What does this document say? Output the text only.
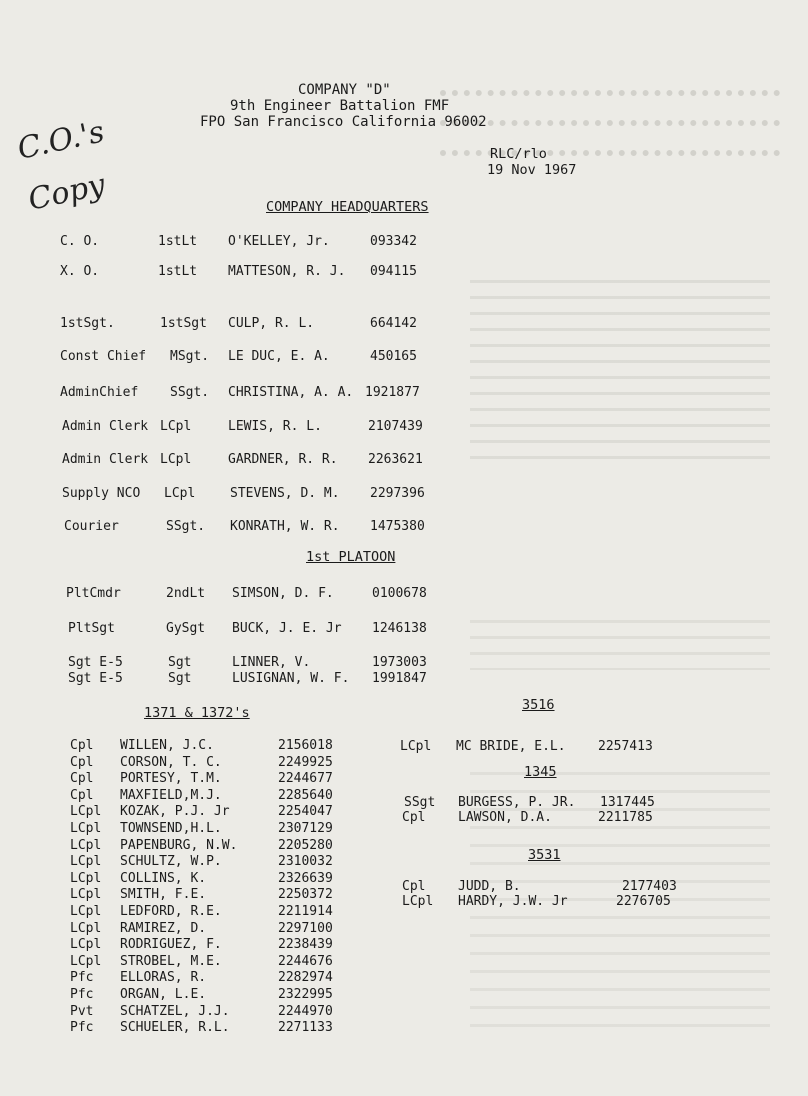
C.O.'s Copy
COMPANY "D"
9th Engineer Battalion FMF
FPO San Francisco California 96002
RLC/rlo
19 Nov 1967
COMPANY HEADQUARTERS
C. O.	1stLt O'KELLEY, Jr.	093342
X. O.	1stLt MATTESON, R. J. 094115
1stSgt.	1stSgt CULP, R. L.	664142
Const Chief MSgt. LE DUC, E. A.	450165
AdminChief SSgt. CHRISTINA, A. A. 1921877
Admin Clerk LCpl	LEWIS, R. L.	2107439
Admin Clerk LCpl	GARDNER, R. R. 2263621
Supply NCO LCpl	STEVENS, D. M. 2297396
Courier	SSgt. KONRATH, W. R. 1475380
1st PLATOON
PltCmdr	2ndLt SIMSON, D. F.	0100678
PltSgt	GySgt BUCK, J. E. Jr 1246138
Sgt E-5	Sgt	LINNER, V.	1973003
Sgt E-5	Sgt	LUSIGNAN, W. F. 1991847
1371 & 1372's
Cpl WILLEN, J.C.	2156018
Cpl CORSON, T. C.	2249925
Cpl PORTESY, T.M.	2244677
Cpl MAXFIELD,M.J.	2285640
LCpl KOZAK, P.J. Jr	2254047
LCpl TOWNSEND,H.L.	2307129
LCpl PAPENBURG, N.W.	2205280
LCpl SCHULTZ, W.P.	2310032
LCpl COLLINS, K.	2326639
LCpl SMITH, F.E.	2250372
LCpl LEDFORD, R.E.	2211914
LCpl RAMIREZ, D.	2297100
LCpl RODRIGUEZ, F.	2238439
LCpl STROBEL, M.E.	2244676
Pfc ELLORAS, R.	2282974
Pfc ORGAN, L.E.	2322995
Pvt SCHATZEL, J.J.	2244970
Pfc SCHUELER, R.L.	2271133
3516
LCpl MC BRIDE, E.L. 2257413
1345
SSgt BURGESS, P. JR. 1317445
Cpl	LAWSON, D.A.	2211785
3531
Cpl	JUDD, B.	2177403
LCpl HARDY, J.W. Jr	2276705
